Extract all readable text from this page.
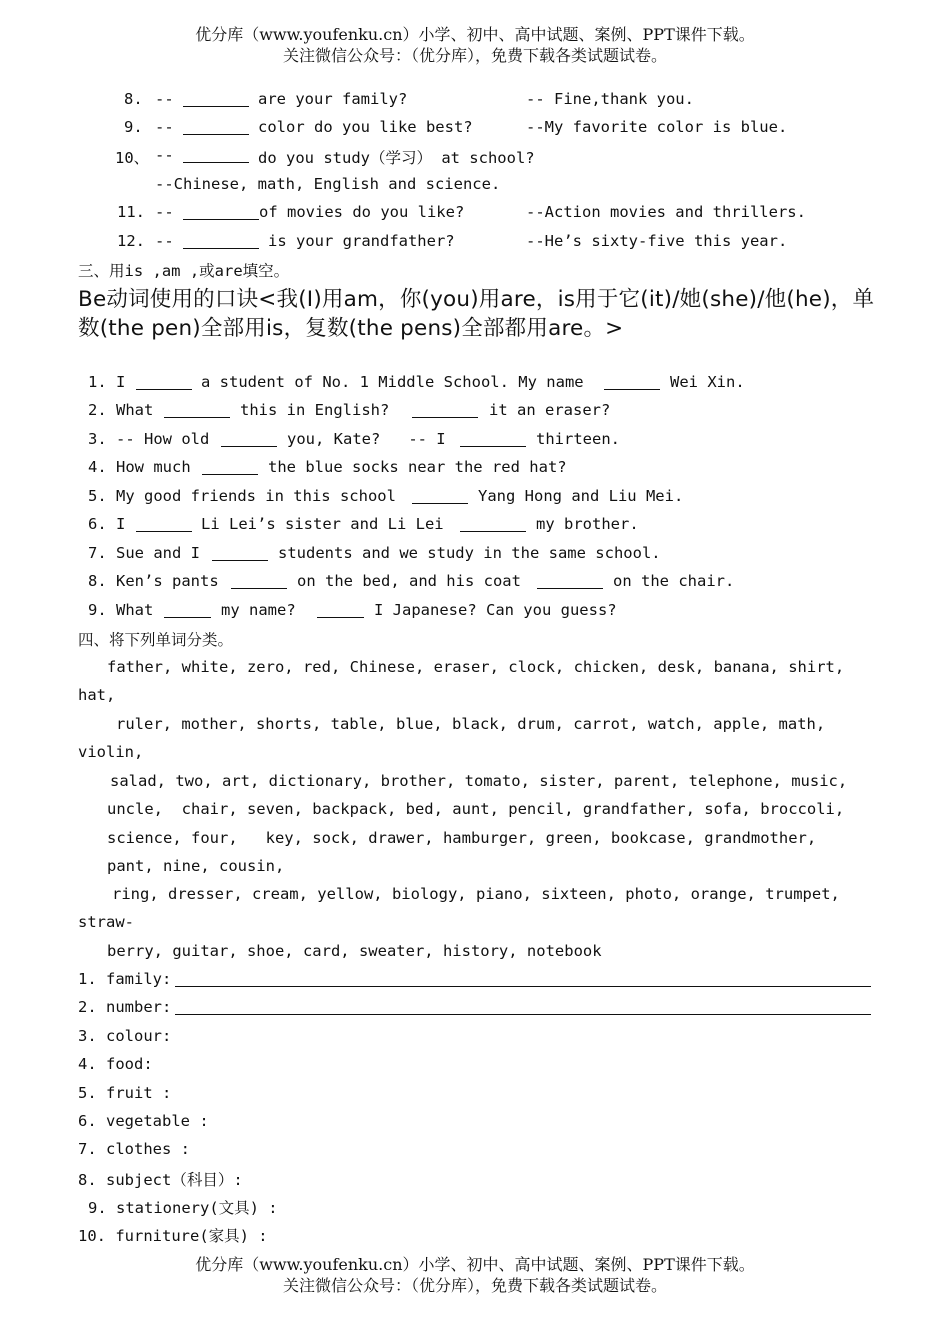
优分库（www.youfenku.cn）小学、初中、高中试题、案例、PPT课件下载。
关注微信公众号：（优分库），免费下载各类试题试卷。
8. --	are your family?	-- Fine,thank you.
9. --	color do you like best?	--My favorite color is blue.
10、 --	do you study（学习） at school?
--Chinese, math, English and science.
11. --	of movies do you like?	--Action movies and thrillers.
12. --	is your grandfather?	--He’s sixty-five this year.
三、用is ,am ,或are填空。
Be动词使用的口诀<我(I)用am，你(you)用are，is用于它(it)/她(she)/他(he)，单数(the pen)全部用is，复数(the pens)全部都用are。>
1. I	a student of No. 1 Middle School. My name	Wei Xin.
2. What	this in English?	it an eraser?
3. -- How old	you, Kate?   -- I	thirteen.
4. How much	the blue socks near the red hat?
5. My good friends in this school	Yang Hong and Liu Mei.
6. I	Li Lei’s sister and Li Lei	my brother.
7. Sue and I	students and we study in the same school.
8. Ken’s pants	on the bed, and his coat	on the chair.
9. What	my name?	I Japanese? Can you guess?
四、将下列单词分类。
father, white, zero, red, Chinese, eraser, clock, chicken, desk, banana, shirt,
hat,
ruler, mother, shorts, table, blue, black, drum, carrot, watch, apple, math,
violin,
salad, two, art, dictionary, brother, tomato, sister, parent, telephone, music,
uncle,  chair, seven, backpack, bed, aunt, pencil, grandfather, sofa, broccoli,
science, four,   key, sock, drawer, hamburger, green, bookcase, grandmother,
pant, nine, cousin,
ring, dresser, cream, yellow, biology, piano, sixteen, photo, orange, trumpet,
straw-
berry, guitar, shoe, card, sweater, history, notebook
1. family:
2. number:
3. colour:
4. food:
5. fruit :
6. vegetable :
7. clothes :
8. subject（科目）:
9. stationery(文具) :
10. furniture(家具) :
优分库（www.youfenku.cn）小学、初中、高中试题、案例、PPT课件下载。
关注微信公众号：（优分库），免费下载各类试题试卷。
